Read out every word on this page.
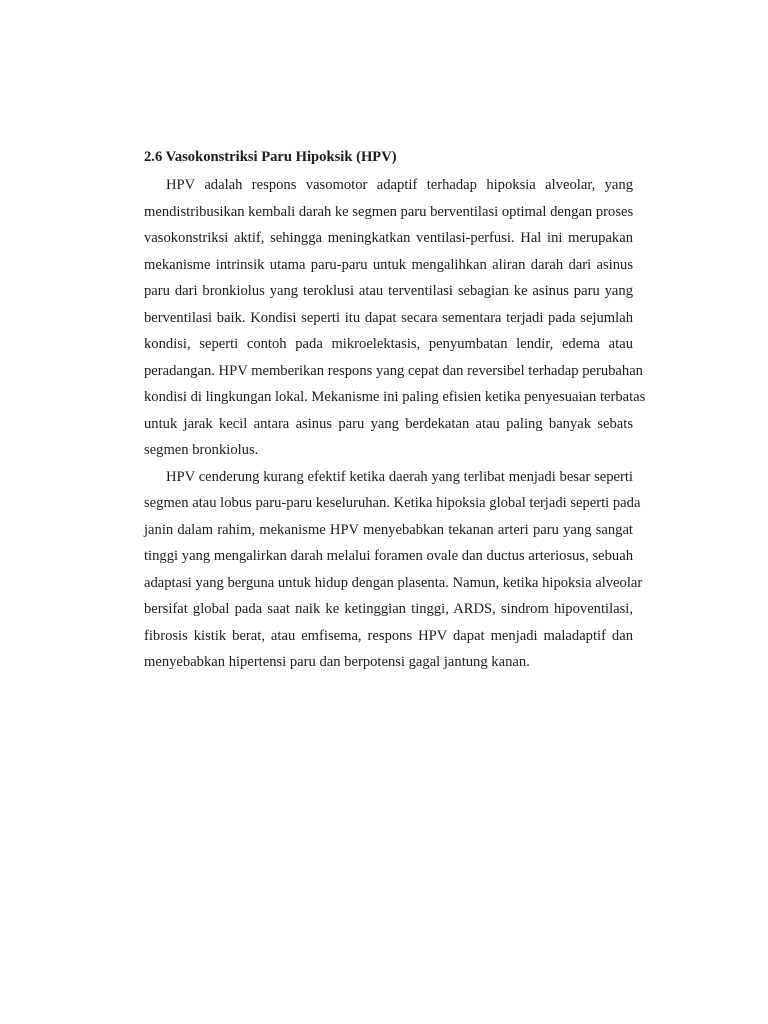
2.6 Vasokonstriksi Paru Hipoksik (HPV)
HPV adalah respons vasomotor adaptif terhadap hipoksia alveolar, yang
mendistribusikan kembali darah ke segmen paru berventilasi optimal dengan proses
vasokonstriksi aktif, sehingga meningkatkan ventilasi-perfusi. Hal ini merupakan
mekanisme intrinsik utama paru-paru untuk mengalihkan aliran darah dari asinus
paru dari bronkiolus yang teroklusi atau terventilasi sebagian ke asinus paru yang
berventilasi baik. Kondisi seperti itu dapat secara sementara terjadi pada sejumlah
kondisi, seperti contoh pada mikroelektasis, penyumbatan lendir, edema atau
peradangan. HPV memberikan respons yang cepat dan reversibel terhadap perubahan
kondisi di lingkungan lokal. Mekanisme ini paling efisien ketika penyesuaian terbatas
untuk jarak kecil antara asinus paru yang berdekatan atau paling banyak sebats
segmen bronkiolus.
HPV cenderung kurang efektif ketika daerah yang terlibat menjadi besar seperti
segmen atau lobus paru-paru keseluruhan. Ketika hipoksia global terjadi seperti pada
janin dalam rahim, mekanisme HPV menyebabkan tekanan arteri paru yang sangat
tinggi yang mengalirkan darah melalui foramen ovale dan ductus arteriosus, sebuah
adaptasi yang berguna untuk hidup dengan plasenta. Namun, ketika hipoksia alveolar
bersifat global pada saat naik ke ketinggian tinggi, ARDS, sindrom hipoventilasi,
fibrosis kistik berat, atau emfisema, respons HPV dapat menjadi maladaptif dan
menyebabkan hipertensi paru dan berpotensi gagal jantung kanan.
